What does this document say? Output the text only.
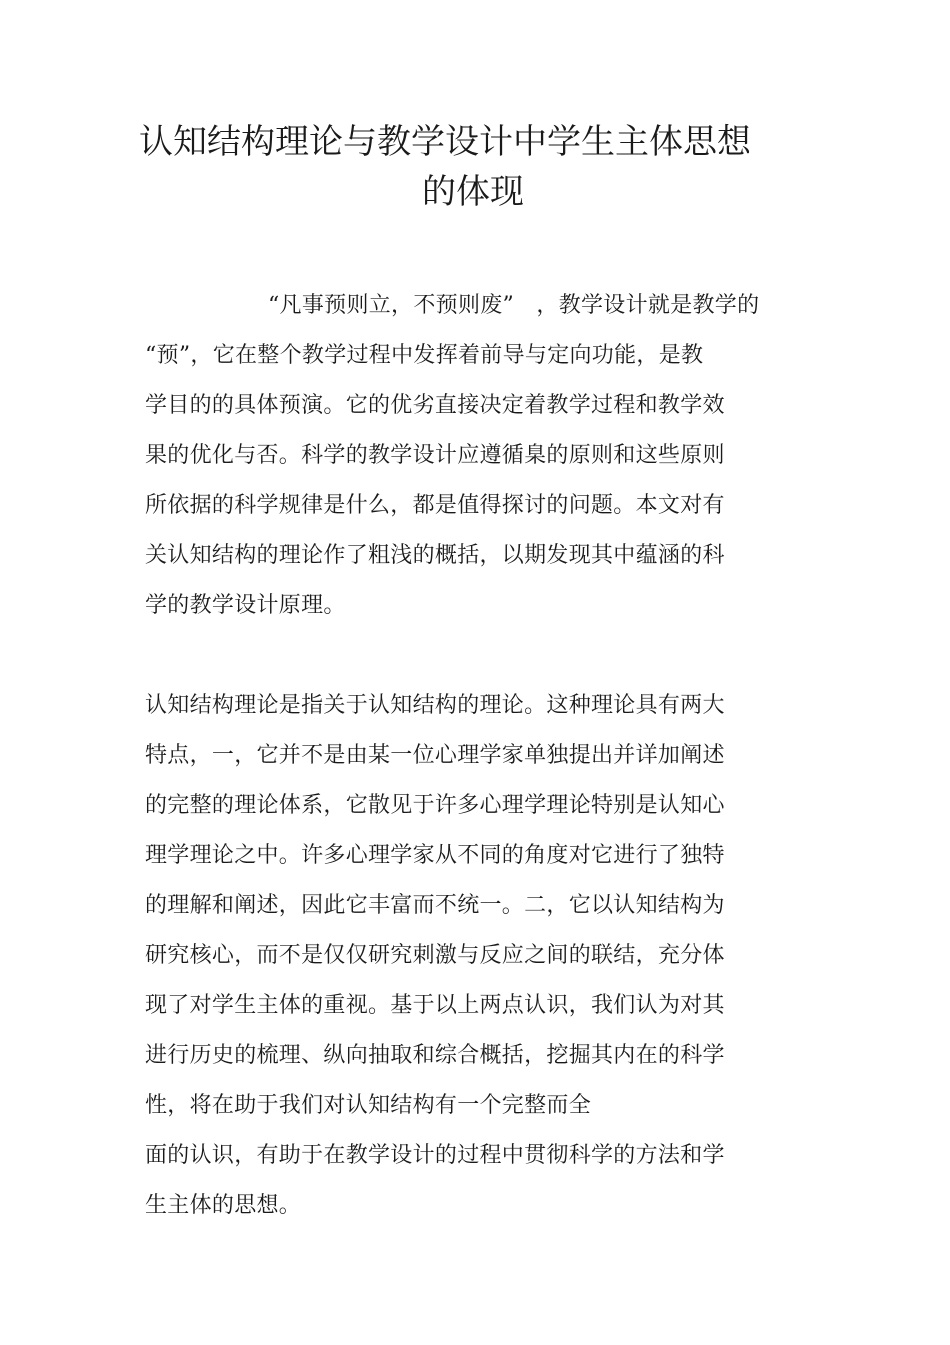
认知结构理论与教学设计中学生主体思想
的体现
“凡事预则立，不预则废”　，教学设计就是教学的
“预”，它在整个教学过程中发挥着前导与定向功能，是教
学目的的具体预演。它的优劣直接决定着教学过程和教学效
果的优化与否。科学的教学设计应遵循臬的原则和这些原则
所依据的科学规律是什么，都是值得探讨的问题。本文对有
关认知结构的理论作了粗浅的概括，以期发现其中蕴涵的科
学的教学设计原理。
认知结构理论是指关于认知结构的理论。这种理论具有两大
特点，一，它并不是由某一位心理学家单独提出并详加阐述
的完整的理论体系，它散见于许多心理学理论特别是认知心
理学理论之中。许多心理学家从不同的角度对它进行了独特
的理解和阐述，因此它丰富而不统一。二，它以认知结构为
研究核心，而不是仅仅研究刺激与反应之间的联结，充分体
现了对学生主体的重视。基于以上两点认识，我们认为对其
进行历史的梳理、纵向抽取和综合概括，挖掘其内在的科学
性，将在助于我们对认知结构有一个完整而全
面的认识，有助于在教学设计的过程中贯彻科学的方法和学
生主体的思想。
